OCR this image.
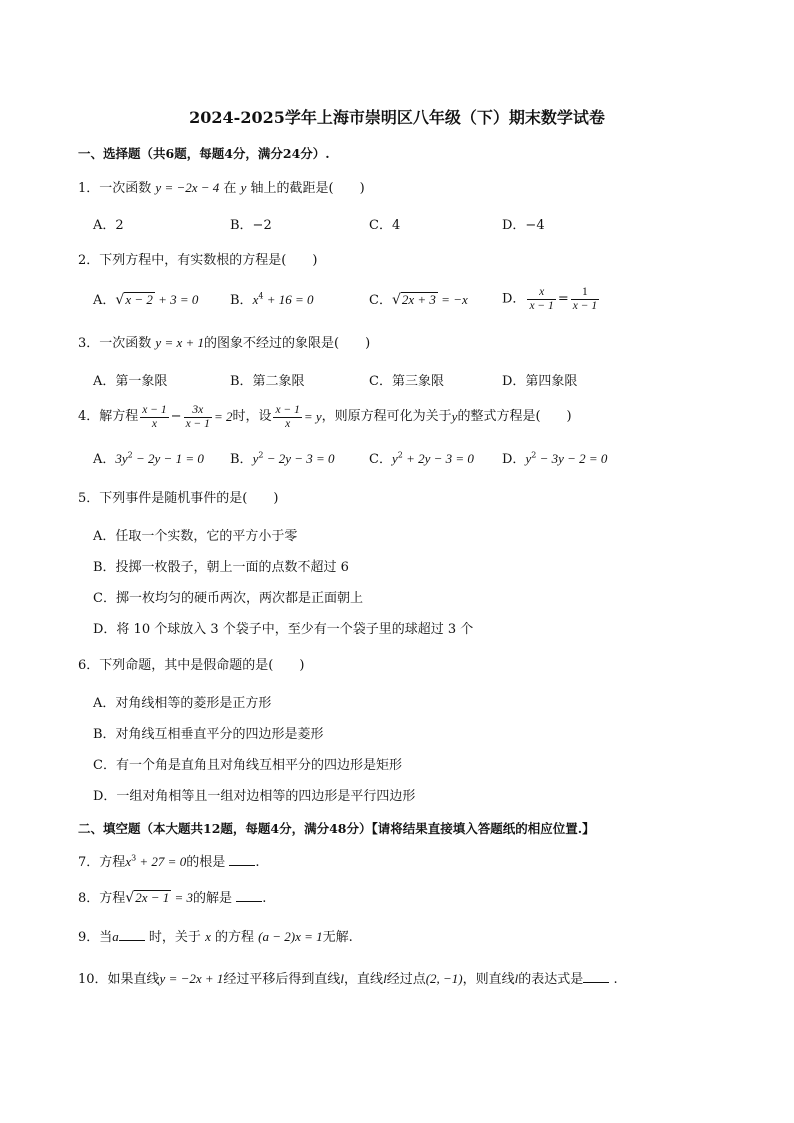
2024-2025学年上海市崇明区八年级（下）期末数学试卷
一、选择题（共6题，每题4分，满分24分）.
1．一次函数 y = −2x − 4 在 y 轴上的截距是(　　)
A．2	B．−2	C．4	D．−4
2．下列方程中，有实数根的方程是(　　)
A．√x − 2 + 3 = 0 B．$x^4 + 16 = 0$	C．√2x + 3 = −x	D． $\frac{x}{x - 1} = \frac{1}{x - 1}$
3．一次函数 y = x + 1的图象不经过的象限是(　　)
A．第一象限	B．第二象限	C．第三象限	D．第四象限
4．解方程 $\frac{x - 1}{x} - \frac{3x}{x - 1} = 2$时，设 $\frac{x - 1}{x} = y$，则原方程可化为关于y的整式方程是(　　)
A．$3y^2 - 2y - 1 = 0$ B．$y^2 - 2y - 3 = 0$	C．$y^2 + 2y - 3 = 0$ D．$y^2 - 3y - 2 = 0$
5．下列事件是随机事件的是(　　)
A．任取一个实数，它的平方小于零
B．投掷一枚骰子，朝上一面的点数不超过 6
C．掷一枚均匀的硬币两次，两次都是正面朝上
D．将 10 个球放入 3 个袋子中，至少有一个袋子里的球超过 3 个
6．下列命题，其中是假命题的是(　　)
A．对角线相等的菱形是正方形
B．对角线互相垂直平分的四边形是菱形
C．有一个角是直角且对角线互相平分的四边形是矩形
D．一组对角相等且一组对边相等的四边形是平行四边形
二、填空题（本大题共12题，每题4分，满分48分）【请将结果直接填入答题纸的相应位置.】
7．方程$x^3 + 27 = 0$的根是 .
8．方程√2x − 1 = 3的解是 .
9．当a 时，关于 x 的方程 (a − 2)x = 1无解.
10．如果直线y = −2x + 1经过平移后得到直线l，直线l经过点(2, −1)，则直线l的表达式是 .
